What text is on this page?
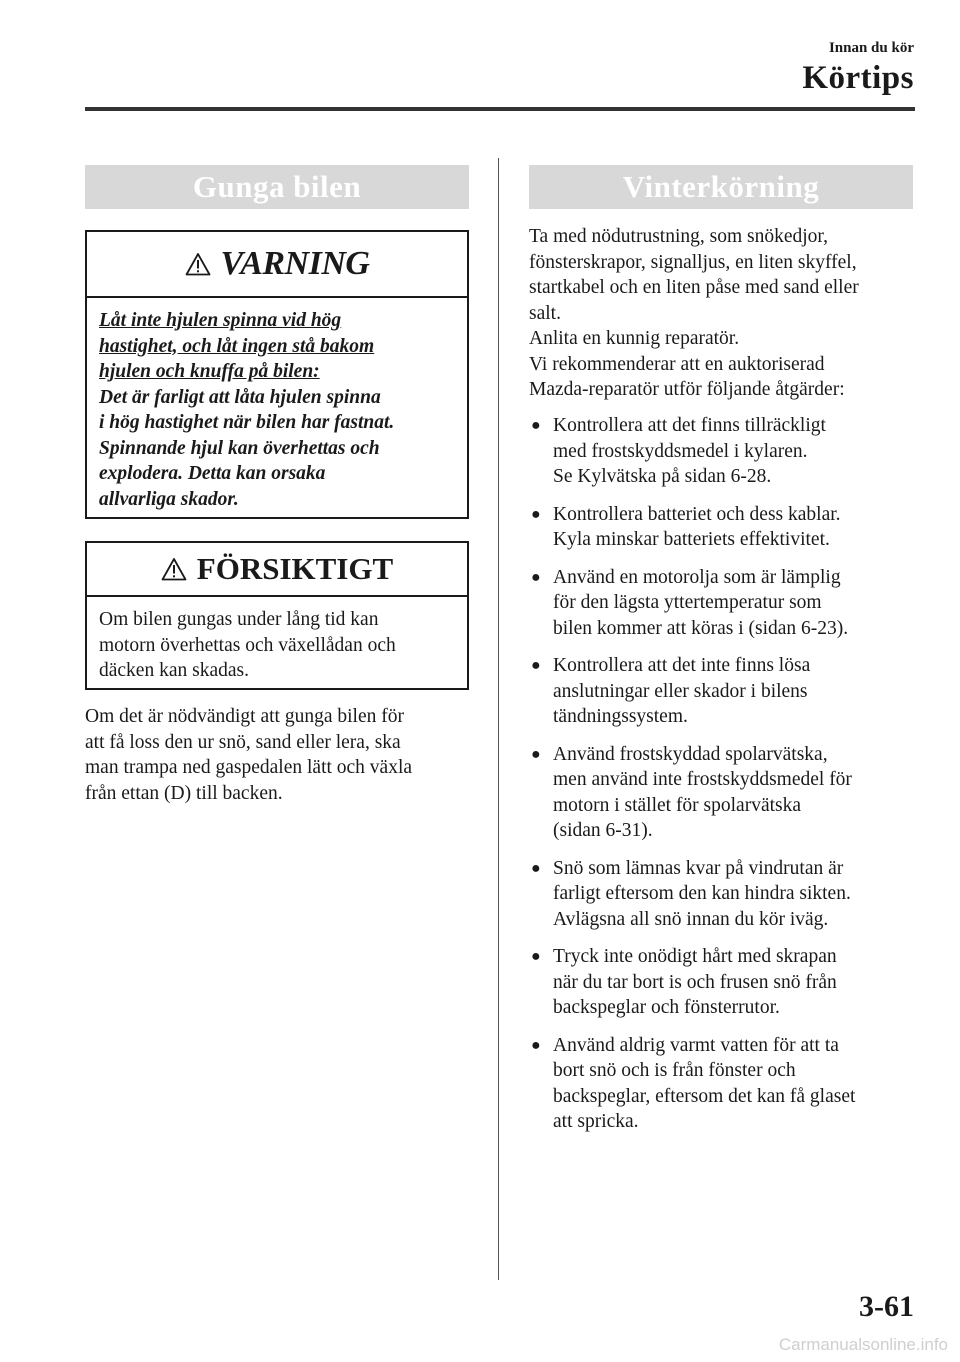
Innan du kör
Körtips
Gunga bilen
VARNING
Låt inte hjulen spinna vid hög
hastighet, och låt ingen stå bakom
hjulen och knuffa på bilen:
Det är farligt att låta hjulen spinna
i hög hastighet när bilen har fastnat.
Spinnande hjul kan överhettas och
explodera. Detta kan orsaka
allvarliga skador.
FÖRSIKTIGT
Om bilen gungas under lång tid kan
motorn överhettas och växellådan och
däcken kan skadas.
Om det är nödvändigt att gunga bilen för
att få loss den ur snö, sand eller lera, ska
man trampa ned gaspedalen lätt och växla
från ettan (D) till backen.
Vinterkörning
Ta med nödutrustning, som snökedjor,
fönsterskrapor, signalljus, en liten skyffel,
startkabel och en liten påse med sand eller
salt.
Anlita en kunnig reparatör.
Vi rekommenderar att en auktoriserad
Mazda-reparatör utför följande åtgärder:
● Kontrollera att det finns tillräckligt
med frostskyddsmedel i kylaren.
Se Kylvätska på sidan 6-28.
● Kontrollera batteriet och dess kablar.
Kyla minskar batteriets effektivitet.
● Använd en motorolja som är lämplig
för den lägsta yttertemperatur som
bilen kommer att köras i (sidan 6-23).
● Kontrollera att det inte finns lösa
anslutningar eller skador i bilens
tändningssystem.
● Använd frostskyddad spolarvätska,
men använd inte frostskyddsmedel för
motorn i stället för spolarvätska
(sidan 6-31).
● Snö som lämnas kvar på vindrutan är
farligt eftersom den kan hindra sikten.
Avlägsna all snö innan du kör iväg.
● Tryck inte onödigt hårt med skrapan
när du tar bort is och frusen snö från
backspeglar och fönsterrutor.
● Använd aldrig varmt vatten för att ta
bort snö och is från fönster och
backspeglar, eftersom det kan få glaset
att spricka.
3-61
Carmanualsonline.info
